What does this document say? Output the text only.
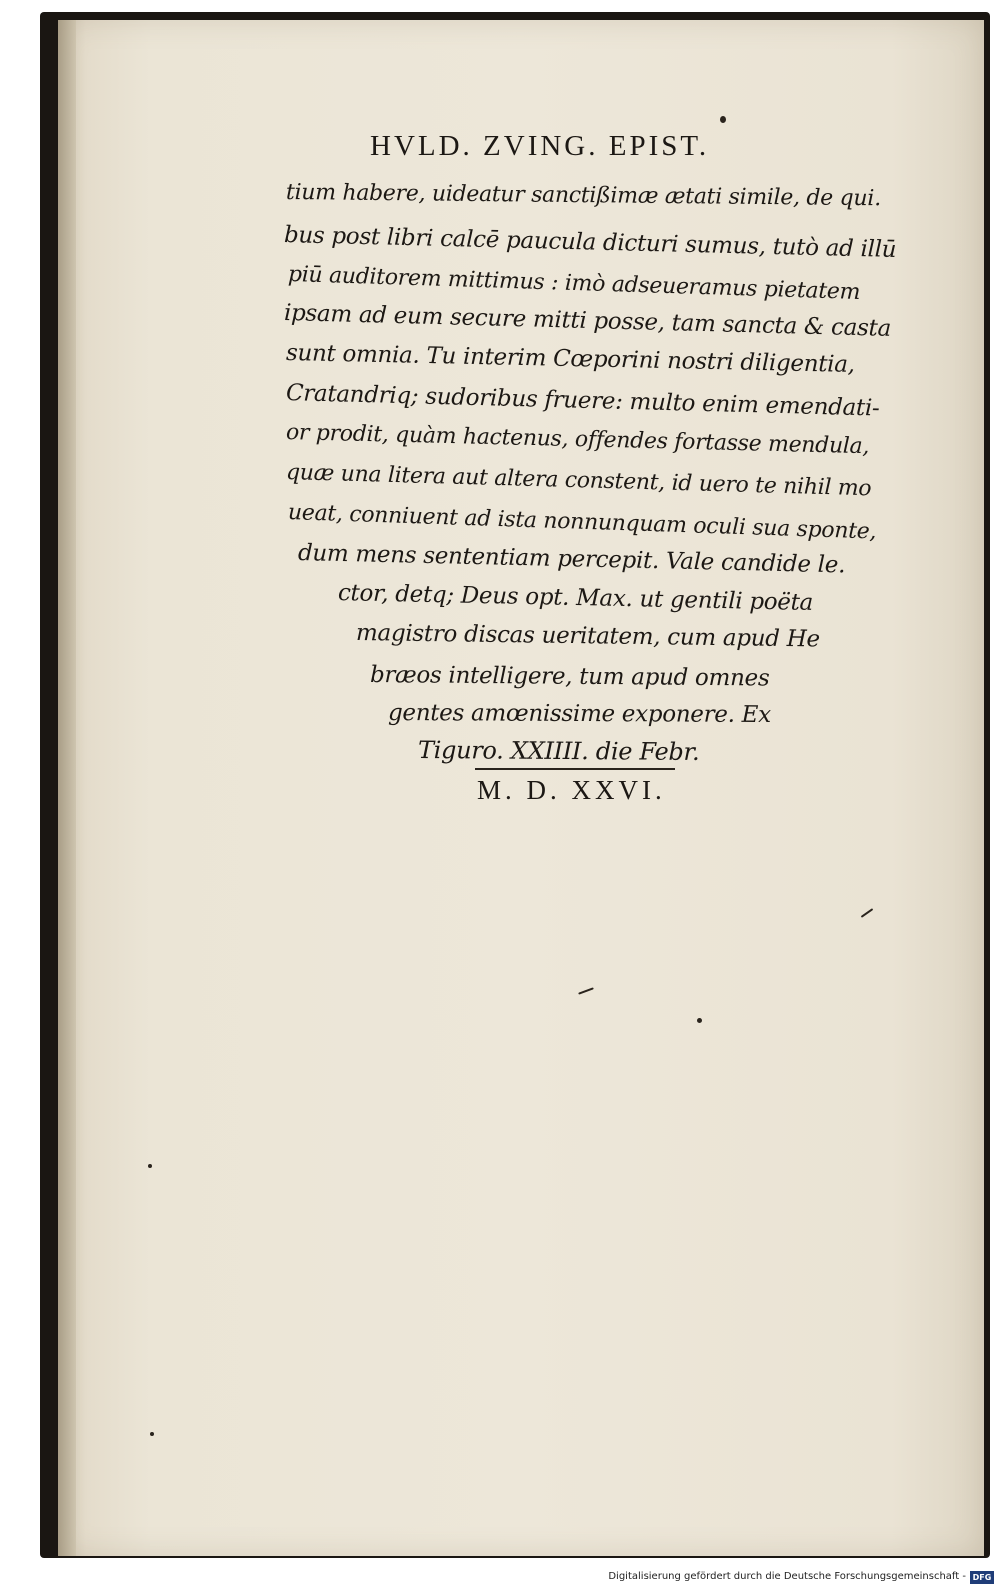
HVLD. ZVING. EPIST.
tium habere, uideatur sanctißimæ ætati simile, de qui․
bus post libri calcē paucula dicturi sumus, tutò ad illū
piū auditorem mittimus : imò adseueramus pietatem
ipsam ad eum secure mitti posse, tam sancta & casta
sunt omnia. Tu interim Cœporini nostri diligentia,
Cratandriq; sudoribus fruere: multo enim emendati-
or prodit, quàm hactenus, offendes fortasse mendula,
quæ una litera aut altera constent, id uero te nihil mo
ueat, conniuent ad ista nonnunquam oculi sua sponte,
dum mens sententiam percepit. Vale candide le․
ctor, detq; Deus opt. Max. ut gentili poëta
magistro discas ueritatem, cum apud He
bræos intelligere, tum apud omnes
gentes amœnissime exponere. Ex
Tiguro. XXIIII. die Febr.
M. D. XXVI.
Digitalisierung gefördert durch die Deutsche Forschungsgemeinschaft - DFG
